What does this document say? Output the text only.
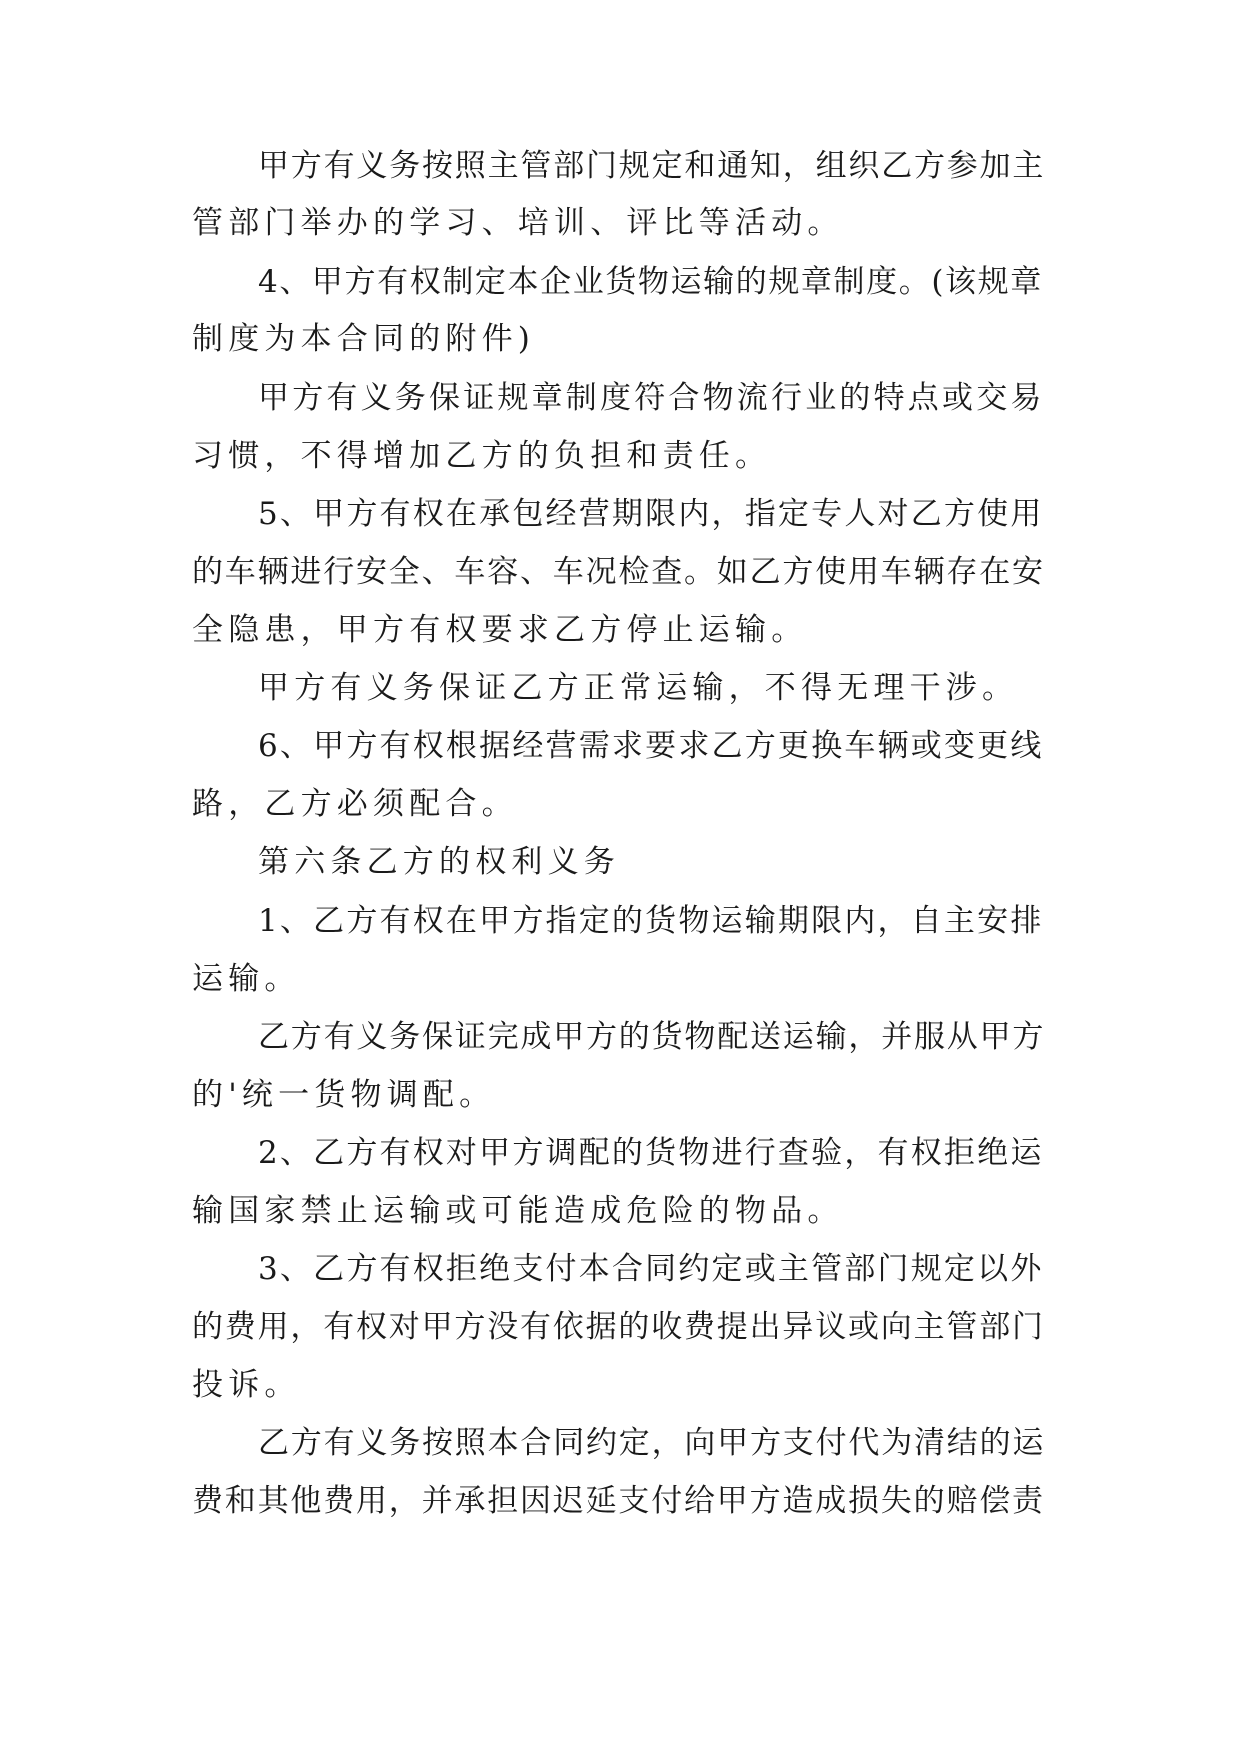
甲方有义务按照主管部门规定和通知，组织乙方参加主
管部门举办的学习、培训、评比等活动。
4、甲方有权制定本企业货物运输的规章制度。(该规章
制度为本合同的附件)
甲方有义务保证规章制度符合物流行业的特点或交易
习惯，不得增加乙方的负担和责任。
5、甲方有权在承包经营期限内，指定专人对乙方使用
的车辆进行安全、车容、车况检查。如乙方使用车辆存在安
全隐患，甲方有权要求乙方停止运输。
甲方有义务保证乙方正常运输，不得无理干涉。
6、甲方有权根据经营需求要求乙方更换车辆或变更线
路，乙方必须配合。
第六条乙方的权利义务
1、乙方有权在甲方指定的货物运输期限内，自主安排
运输。
乙方有义务保证完成甲方的货物配送运输，并服从甲方
的'统一货物调配。
2、乙方有权对甲方调配的货物进行查验，有权拒绝运
输国家禁止运输或可能造成危险的物品。
3、乙方有权拒绝支付本合同约定或主管部门规定以外
的费用，有权对甲方没有依据的收费提出异议或向主管部门
投诉。
乙方有义务按照本合同约定，向甲方支付代为清结的运
费和其他费用，并承担因迟延支付给甲方造成损失的赔偿责
